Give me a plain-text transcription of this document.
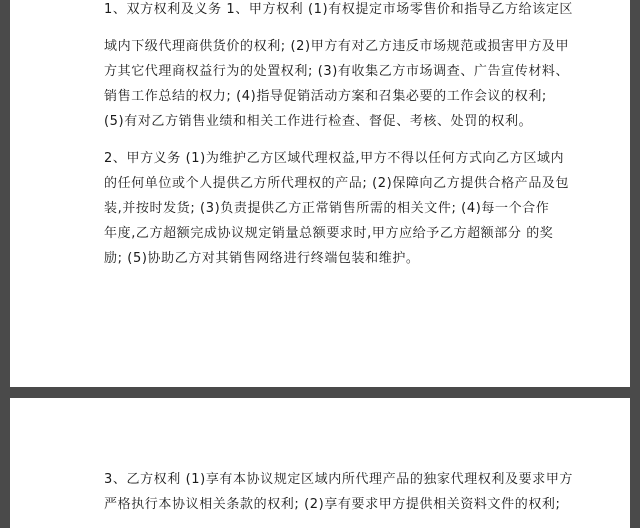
1、双方权利及义务 1、甲方权利 (1)有权提定市场零售价和指导乙方给该定区
域内下级代理商供货价的权利; (2)甲方有对乙方违反市场规范或损害甲方及甲
方其它代理商权益行为的处置权利; (3)有收集乙方市场调查、广告宣传材料、
销售工作总结的权力; (4)指导促销活动方案和召集必要的工作会议的权利;
(5)有对乙方销售业绩和相关工作进行检查、督促、考核、处罚的权利。
2、甲方义务 (1)为维护乙方区域代理权益,甲方不得以任何方式向乙方区域内
的任何单位或个人提供乙方所代理权的产品; (2)保障向乙方提供合格产品及包
装,并按时发货; (3)负责提供乙方正常销售所需的相关文件; (4)每一个合作
年度,乙方超额完成协议规定销量总额要求时,甲方应给予乙方超额部分 的奖
励; (5)协助乙方对其销售网络进行终端包装和维护。
3、乙方权利 (1)享有本协议规定区域内所代理产品的独家代理权利及要求甲方
严格执行本协议相关条款的权利; (2)享有要求甲方提供相关资料文件的权利;
